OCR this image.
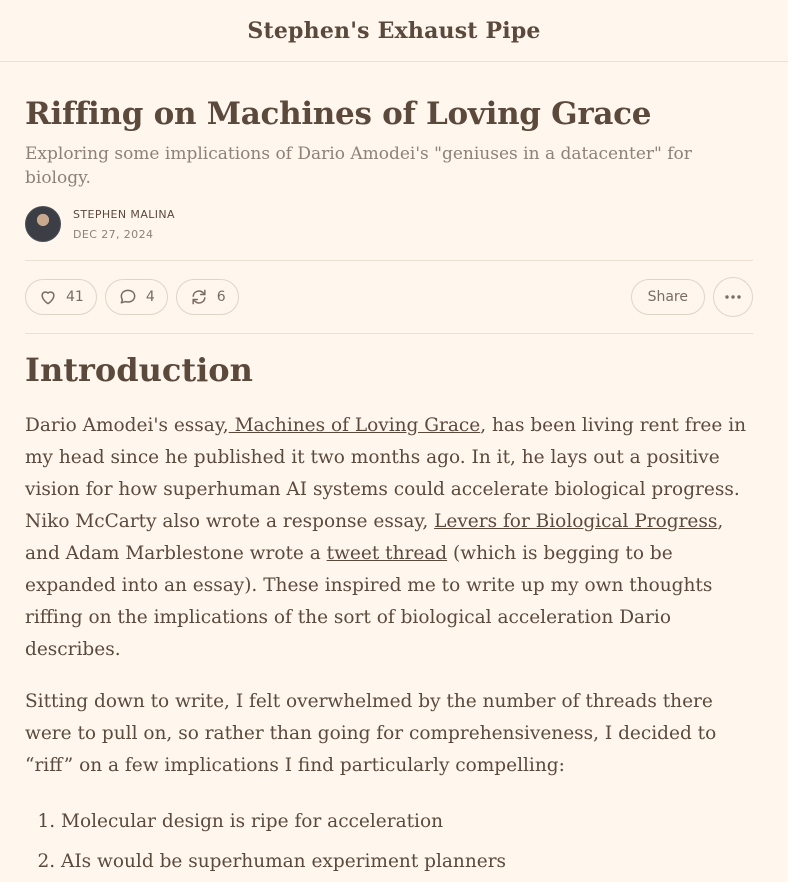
Stephen's Exhaust Pipe
Riffing on Machines of Loving Grace
Exploring some implications of Dario Amodei's "geniuses in a datacenter" for biology.
STEPHEN MALINA
DEC 27, 2024
41	4	6	Share
Introduction

Dario Amodei's essay, Machines of Loving Grace, has been living rent free in my head since he published it two months ago. In it, he lays out a positive vision for how superhuman AI systems could accelerate biological progress. Niko McCarty also wrote a response essay, Levers for Biological Progress, and Adam Marblestone wrote a tweet thread (which is begging to be expanded into an essay). These inspired me to write up my own thoughts riffing on the implications of the sort of biological acceleration Dario describes.

Sitting down to write, I felt overwhelmed by the number of threads there were to pull on, so rather than going for comprehensiveness, I decided to “riff” on a few implications I find particularly compelling:

1. Molecular design is ripe for acceleration
2. AIs would be superhuman experiment planners
